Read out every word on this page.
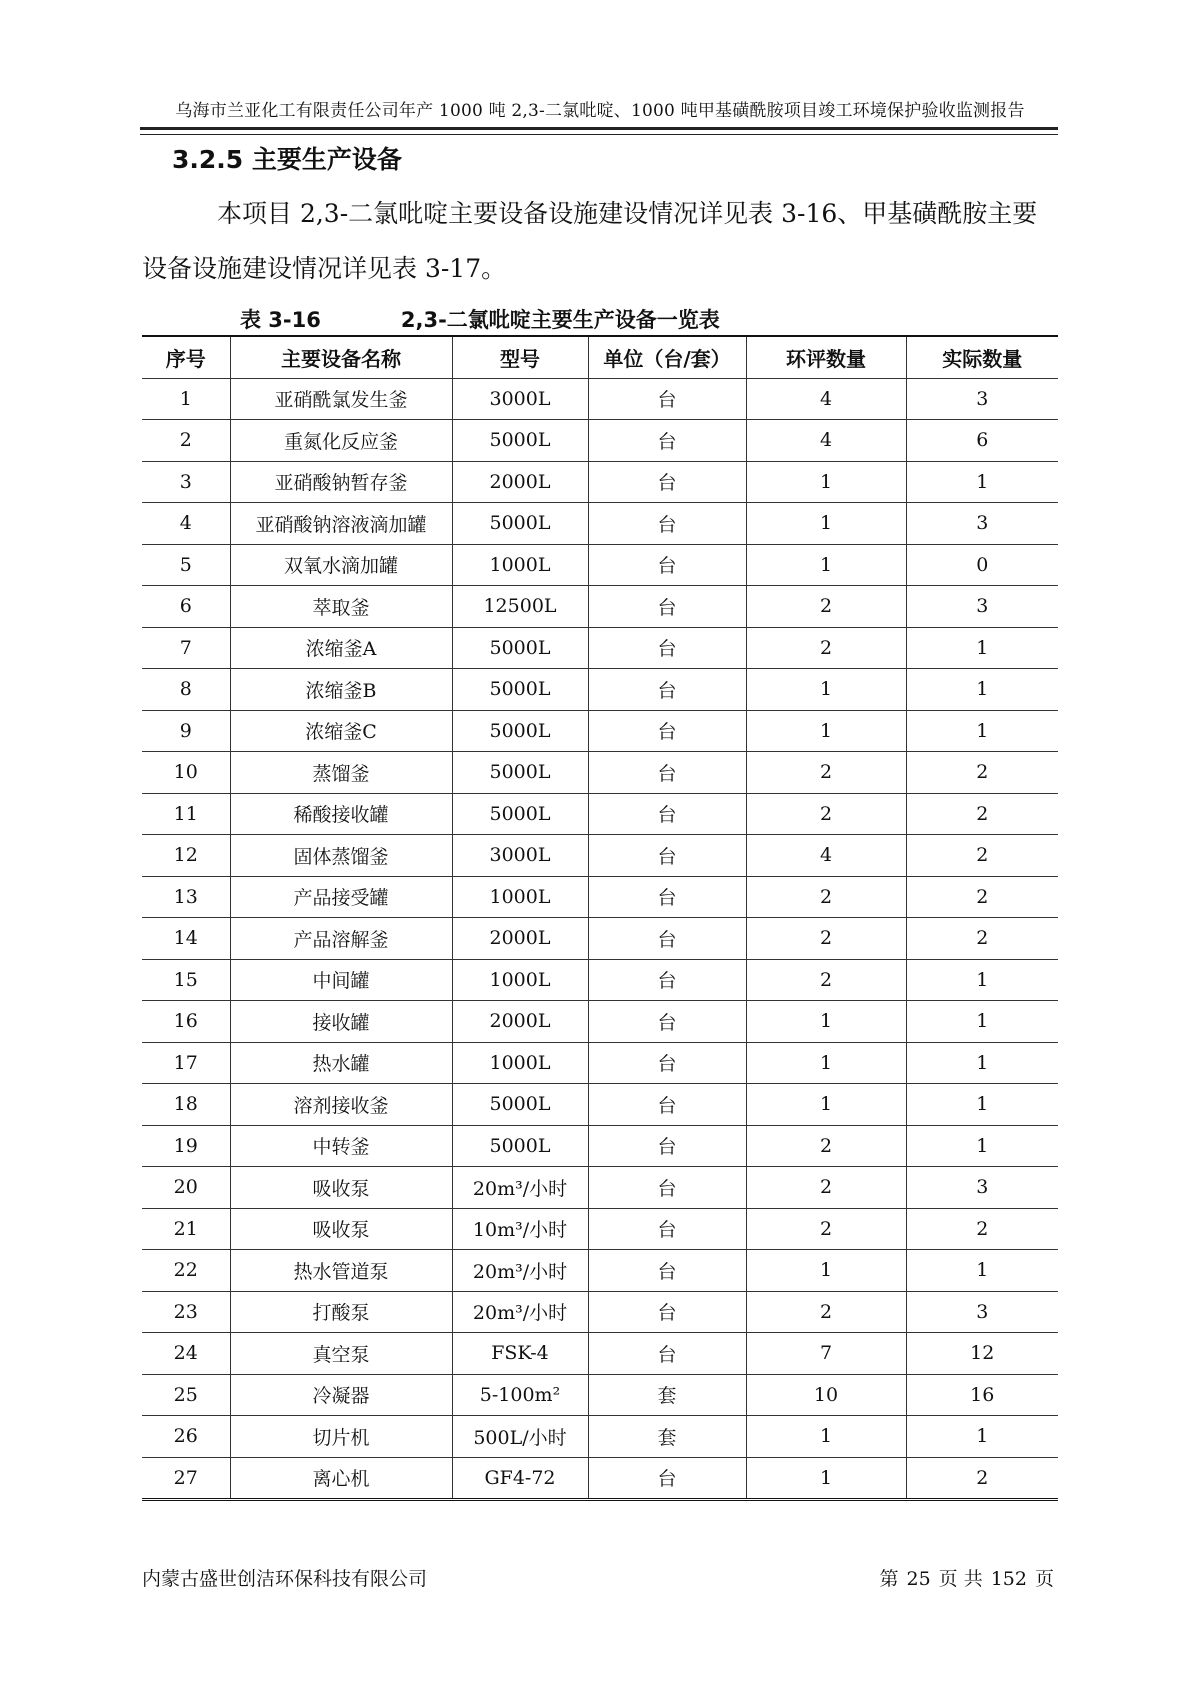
乌海市兰亚化工有限责任公司年产 1000 吨 2,3-二氯吡啶、1000 吨甲基磺酰胺项目竣工环境保护验收监测报告
3.2.5 主要生产设备

本项目 2,3-二氯吡啶主要设备设施建设情况详见表 3-16、甲基磺酰胺主要设备设施建设情况详见表 3-17。

表 3-16	2,3-二氯吡啶主要生产设备一览表
序号	主要设备名称	型号	单位（台/套）	环评数量	实际数量
1	亚硝酰氯发生釜	3000L	台	4	3
2	重氮化反应釜	5000L	台	4	6
3	亚硝酸钠暂存釜	2000L	台	1	1
4	亚硝酸钠溶液滴加罐	5000L	台	1	3
5	双氧水滴加罐	1000L	台	1	0
6	萃取釜	12500L	台	2	3
7	浓缩釜A	5000L	台	2	1
8	浓缩釜B	5000L	台	1	1
9	浓缩釜C	5000L	台	1	1
10	蒸馏釜	5000L	台	2	2
11	稀酸接收罐	5000L	台	2	2
12	固体蒸馏釜	3000L	台	4	2
13	产品接受罐	1000L	台	2	2
14	产品溶解釜	2000L	台	2	2
15	中间罐	1000L	台	2	1
16	接收罐	2000L	台	1	1
17	热水罐	1000L	台	1	1
18	溶剂接收釜	5000L	台	1	1
19	中转釜	5000L	台	2	1
20	吸收泵	20m³/小时	台	2	3
21	吸收泵	10m³/小时	台	2	2
22	热水管道泵	20m³/小时	台	1	1
23	打酸泵	20m³/小时	台	2	3
24	真空泵	FSK-4	台	7	12
25	冷凝器	5-100m²	套	10	16
26	切片机	500L/小时	套	1	1
27	离心机	GF4-72	台	1	2
内蒙古盛世创洁环保科技有限公司	第 25 页 共 152 页
